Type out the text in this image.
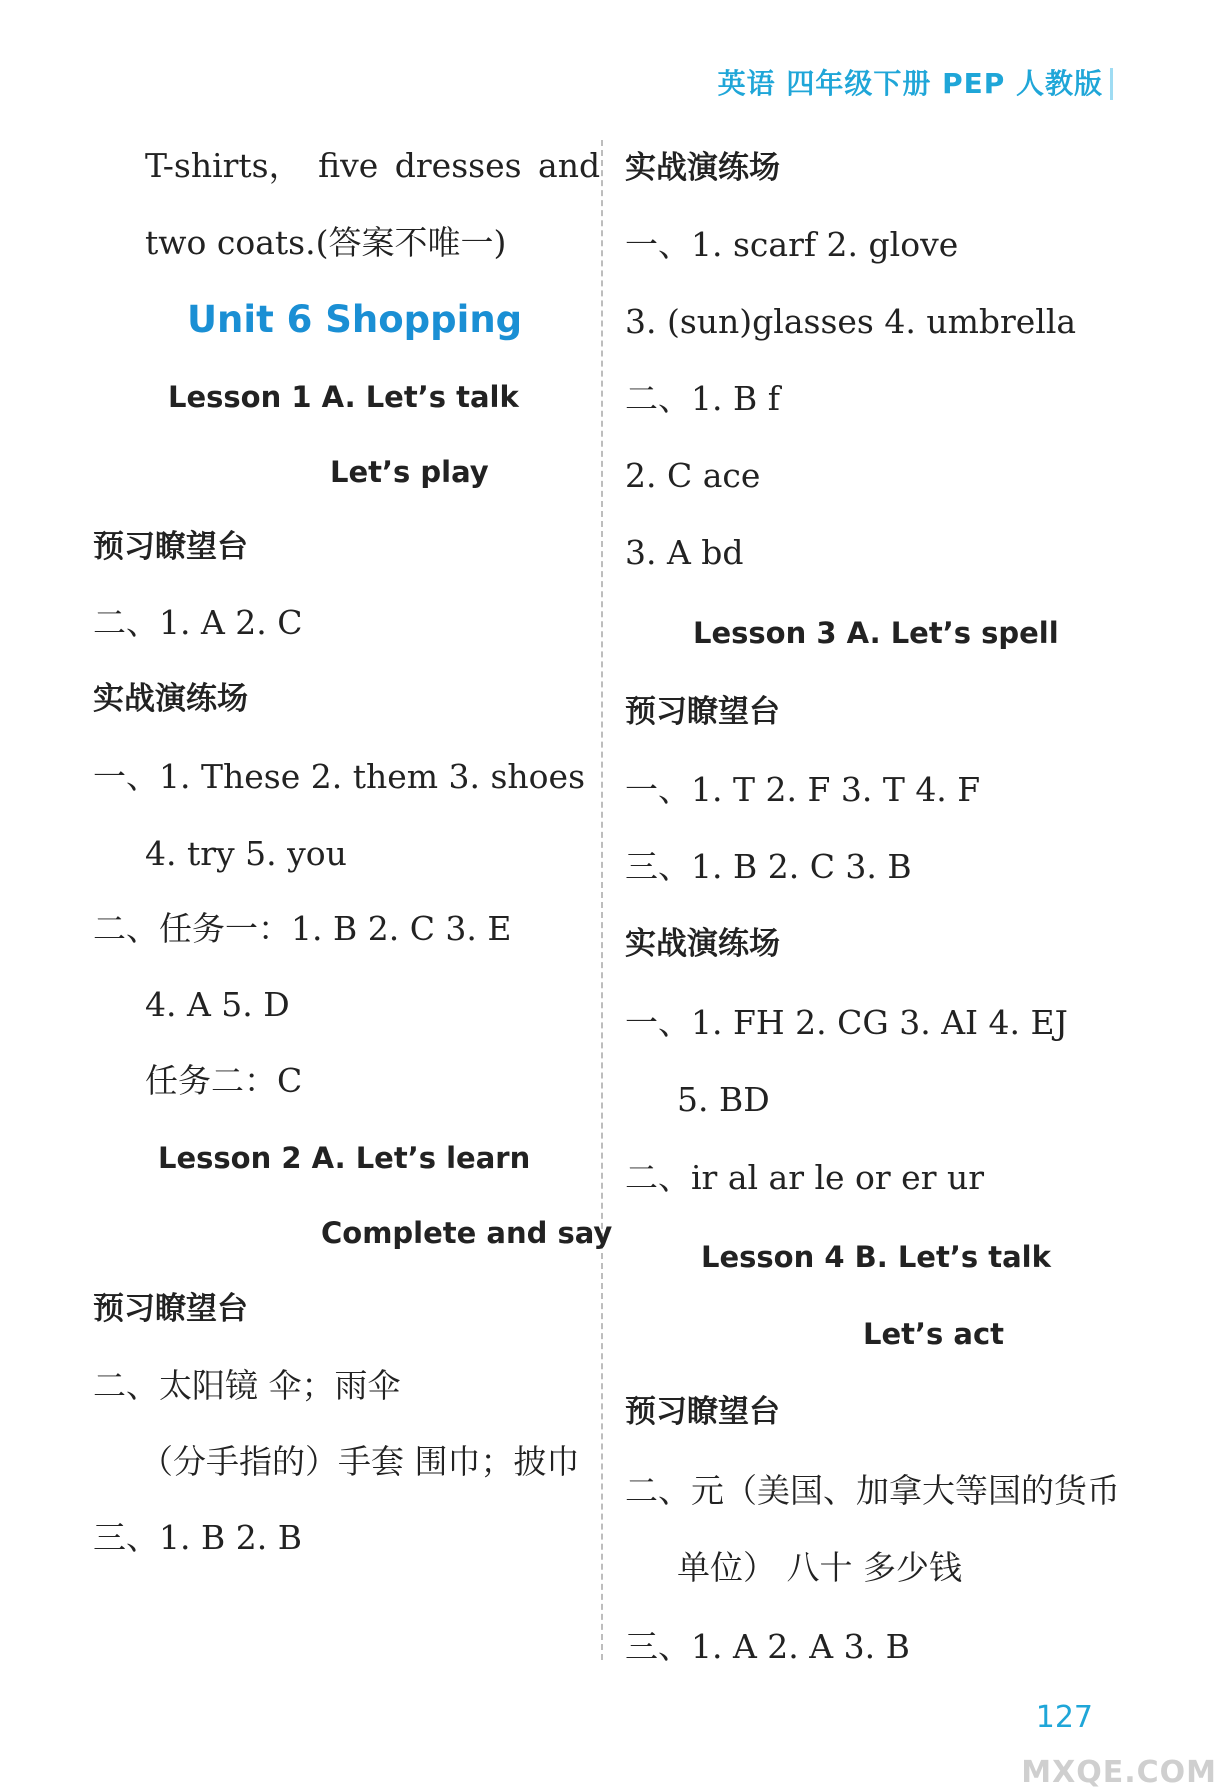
英语 四年级下册 PEP 人教版
T-shirts， five dresses and
two coats.(答案不唯一)
Unit 6 Shopping
Lesson 1 A. Let’s talk
Let’s play
预习瞭望台
二、1. A 2. C
实战演练场
一、1. These 2. them 3. shoes
4. try 5. you
二、任务一：1. B 2. C 3. E
4. A 5. D
任务二：C
Lesson 2 A. Let’s learn
Complete and say
预习瞭望台
二、太阳镜 伞；雨伞
（分手指的）手套 围巾；披巾
三、1. B 2. B
实战演练场
一、1. scarf 2. glove
3. (sun)glasses 4. umbrella
二、1. B f
2. C ace
3. A bd
Lesson 3 A. Let’s spell
预习瞭望台
一、1. T 2. F 3. T 4. F
三、1. B 2. C 3. B
实战演练场
一、1. FH 2. CG 3. AI 4. EJ
5. BD
二、ir al ar le or er ur
Lesson 4 B. Let’s talk
Let’s act
预习瞭望台
二、元（美国、加拿大等国的货币
单位） 八十 多少钱
三、1. A 2. A 3. B
127
MXQE.COM
